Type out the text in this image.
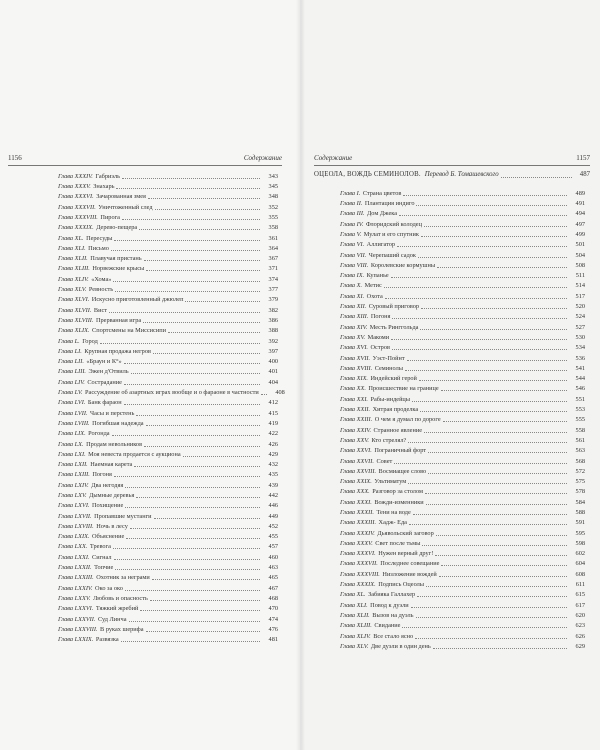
1156	Содержание
Глава XXXIV. Габриэль	343
Глава XXXV. Знахарь	345
Глава XXXVI. Зачарованная змея	348
Глава XXXVII. Уничтоженный след	352
Глава XXXVIII. Пирога	355
Глава XXXIX. Дерево-пещера	358
Глава XL. Пересуды	361
Глава XLI. Письмо	364
Глава XLII. Плавучая пристань	367
Глава XLIII. Норвежские крысы	371
Глава XLIV. «Хома»	374
Глава XLV. Ревность	377
Глава XLVI. Искусно приготовленный джюлеп	379
Глава XLVII. Вист	382
Глава XLVIII. Прерванная игра	386
Глава XLIX. Спортсмены на Миссисипи	388
Глава L. Город	392
Глава LI. Крупная продажа негров	397
Глава LII. «Браун и К°»	400
Глава LIII. Эжен д'Отвиль	401
Глава LIV. Сострадание	404
Глава LV. Рассуждение об азартных играх вообще и о фараоне в частности	408
Глава LVI. Банк фараон	412
Глава LVII. Часы и перстень	415
Глава LVIII. Погибшая надежда	419
Глава LIX. Рогонда	422
Глава LX. Продам невольников	426
Глава LXI. Моя невеста продается с аукциона	429
Глава LXII. Наемная карета	432
Глава LXIII. Погоня	435
Глава LXIV. Два негодяя	439
Глава LXV. Дымные деревья	442
Глава LXVI. Похищение	446
Глава LXVII. Пропавшие мустанги	449
Глава LXVIII. Ночь в лесу	452
Глава LXIX. Объяснение	455
Глава LXX. Тревога	457
Глава LXXI. Сигнал	460
Глава LXXII. Топчие	463
Глава LXXIII. Охотник за неграми	465
Глава LXXIV. Око за око	467
Глава LXXV. Любовь и опасность	468
Глава LXXVI. Тяжкий жребий	470
Глава LXXVII. Суд Линча	474
Глава LXXVIII. В руках шерифа	476
Глава LXXIX. Развязка	481
Содержание	1157
ОЦЕОЛА, ВОЖДЬ СЕМИНОЛОВ. Перевод Б. Томашевского	487
Глава I. Страна цветов	489
Глава II. Плантация индиго	491
Глава III. Дом Джека	494
Глава IV. Флоридский колодец	497
Глава V. Мулат и его спутник	499
Глава VI. Аллигатор	501
Глава VII. Черепаший садок	504
Глава VIII. Королевские кормушны	508
Глава IX. Купанье	511
Глава X. Метис	514
Глава XI. Охота	517
Глава XII. Суровый приговор	520
Глава XIII. Погоня	524
Глава XIV. Месть Ринггольда	527
Глава XV. Макоми	530
Глава XVI. Остров	534
Глава XVII. Уэст-Пойнт	536
Глава XVIII. Семинолы	541
Глава XIX. Индейский герой	544
Глава XX. Происшествие на границе	546
Глава XXI. Рабы-индейцы	551
Глава XXII. Хитрая проделка	553
Глава XXIII. О чем я думал по дороге	555
Глава XXIV. Странное явление	558
Глава XXV. Кто стрелял?	561
Глава XXVI. Пограничный форт	563
Глава XXVII. Совет	568
Глава XXVIII. Восмиащее слово	572
Глава XXIX. Ультиматум	575
Глава XXX. Разговор за столом	578
Глава XXXI. Вожди-изменники	584
Глава XXXII. Тени на воде	588
Глава XXXIII. Хадж- Еда	591
Глава XXXIV. Дьявольский заговор	595
Глава XXXV. Свет после тьмы	598
Глава XXXVI. Нужен верный друг!	602
Глава XXXVII. Последнее совещание	604
Глава XXXVIII. Низложение вождей	608
Глава XXXIX. Подпись Оцеолы	611
Глава XL. Забияка Галлахер	615
Глава XLI. Повод к дуэли	617
Глава XLII. Вызов на дуэль	620
Глава XLIII. Свидание	623
Глава XLIV. Все стало ясно	626
Глава XLV. Две дуэли в один день	629
